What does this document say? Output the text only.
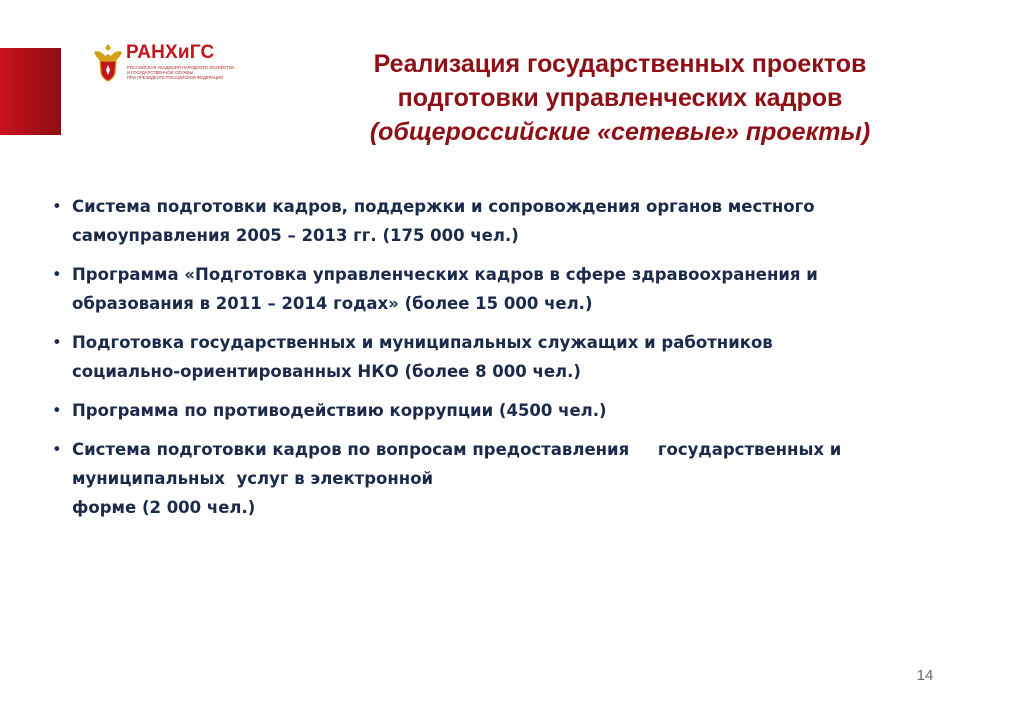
РАНХиГС
РОССИЙСКАЯ АКАДЕМИЯ НАРОДНОГО ХОЗЯЙСТВА
И ГОСУДАРСТВЕННОЙ СЛУЖБЫ
ПРИ ПРЕЗИДЕНТЕ РОССИЙСКОЙ ФЕДЕРАЦИИ	Реализация государственных проектов
подготовки управленческих кадров
(общероссийские «сетевые» проекты)
• Система подготовки кадров, поддержки и сопровождения органов местного
самоуправления 2005 – 2013 гг. (175 000 чел.)
• Программа «Подготовка управленческих кадров в сфере здравоохранения и
образования в 2011 – 2014 годах» (более 15 000 чел.)
• Подготовка государственных и муниципальных служащих и работников
социально-ориентированных НКО (более 8 000 чел.)
• Программа по противодействию коррупции (4500 чел.)
• Система подготовки кадров по вопросам предоставления     государственных и
муниципальных  услуг в электронной
форме (2 000 чел.)
14
